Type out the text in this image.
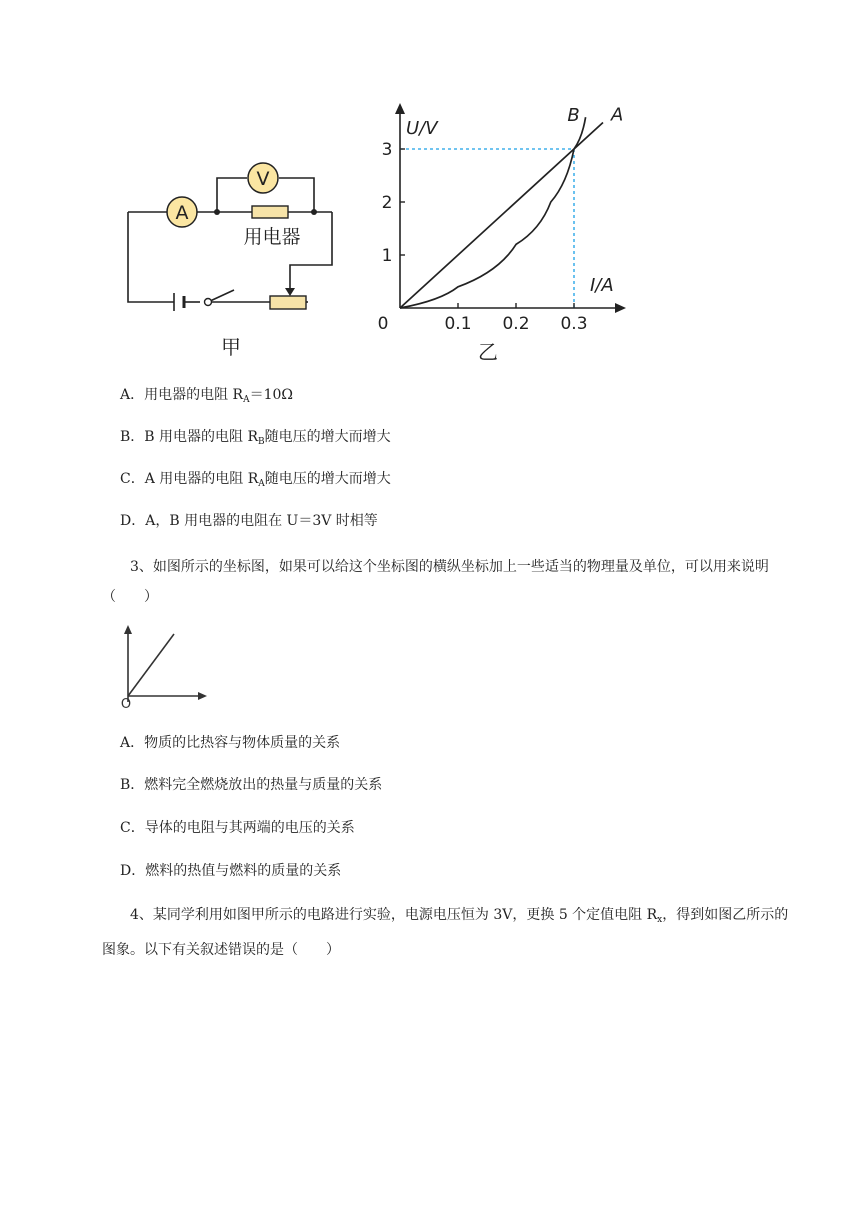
A
V
用电器
甲
0.1 0.2 0.3
1
2
3
0
U/V
I/A
乙
A
B
A．用电器的电阻 $R_A=10\Omega$
B．B 用电器的电阻 $R_B$随电压的增大而增大
C．A 用电器的电阻 $R_A$随电压的增大而增大
D．A，B 用电器的电阻在 U＝3V 时相等
3、如图所示的坐标图，如果可以给这个坐标图的横纵坐标加上一些适当的物理量及单位，可以用来说明（　　）
O
A．物质的比热容与物体质量的关系
B．燃料完全燃烧放出的热量与质量的关系
C．导体的电阻与其两端的电压的关系
D．燃料的热值与燃料的质量的关系
4、某同学利用如图甲所示的电路进行实验，电源电压恒为 3V，更换 5 个定值电阻 $R_x$，得到如图乙所示的图象。以下有关叙述错误的是（　　）
